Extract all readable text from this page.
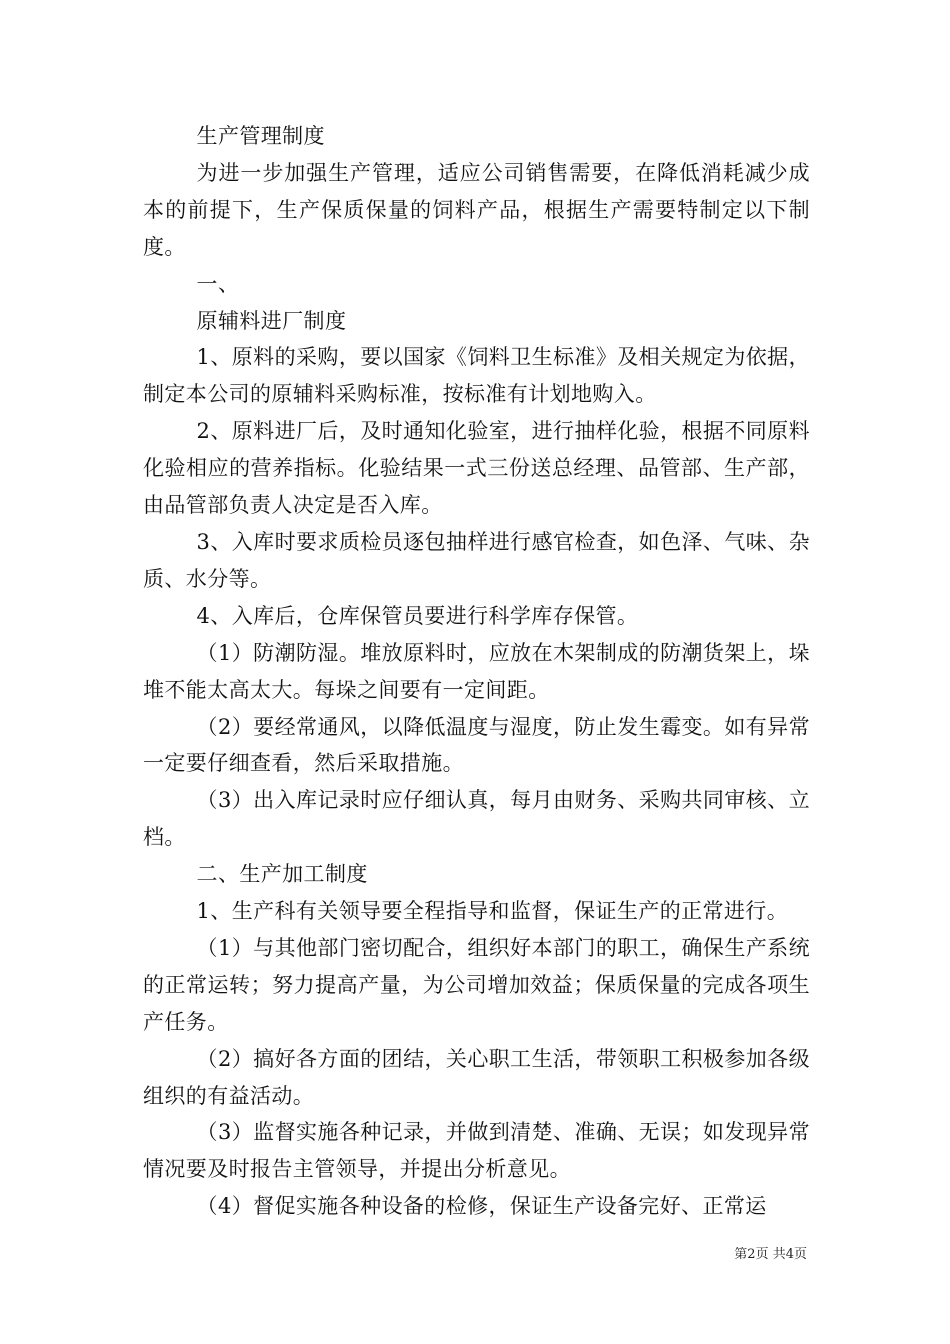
生产管理制度

为进一步加强生产管理，适应公司销售需要，在降低消耗减少成本的前提下，生产保质保量的饲料产品，根据生产需要特制定以下制度。

一、

原辅料进厂制度

1、原料的采购，要以国家《饲料卫生标准》及相关规定为依据，制定本公司的原辅料采购标准，按标准有计划地购入。

2、原料进厂后，及时通知化验室，进行抽样化验，根据不同原料化验相应的营养指标。化验结果一式三份送总经理、品管部、生产部，由品管部负责人决定是否入库。

3、入库时要求质检员逐包抽样进行感官检查，如色泽、气味、杂质、水分等。

4、入库后，仓库保管员要进行科学库存保管。

（1）防潮防湿。堆放原料时，应放在木架制成的防潮货架上，垛堆不能太高太大。每垛之间要有一定间距。

（2）要经常通风，以降低温度与湿度，防止发生霉变。如有异常一定要仔细查看，然后采取措施。

（3）出入库记录时应仔细认真，每月由财务、采购共同审核、立档。

二、生产加工制度

1、生产科有关领导要全程指导和监督，保证生产的正常进行。

（1）与其他部门密切配合，组织好本部门的职工，确保生产系统的正常运转；努力提高产量，为公司增加效益；保质保量的完成各项生产任务。

（2）搞好各方面的团结，关心职工生活，带领职工积极参加各级组织的有益活动。

（3）监督实施各种记录，并做到清楚、准确、无误；如发现异常情况要及时报告主管领导，并提出分析意见。

（4）督促实施各种设备的检修，保证生产设备完好、正常运

第2页 共4页
